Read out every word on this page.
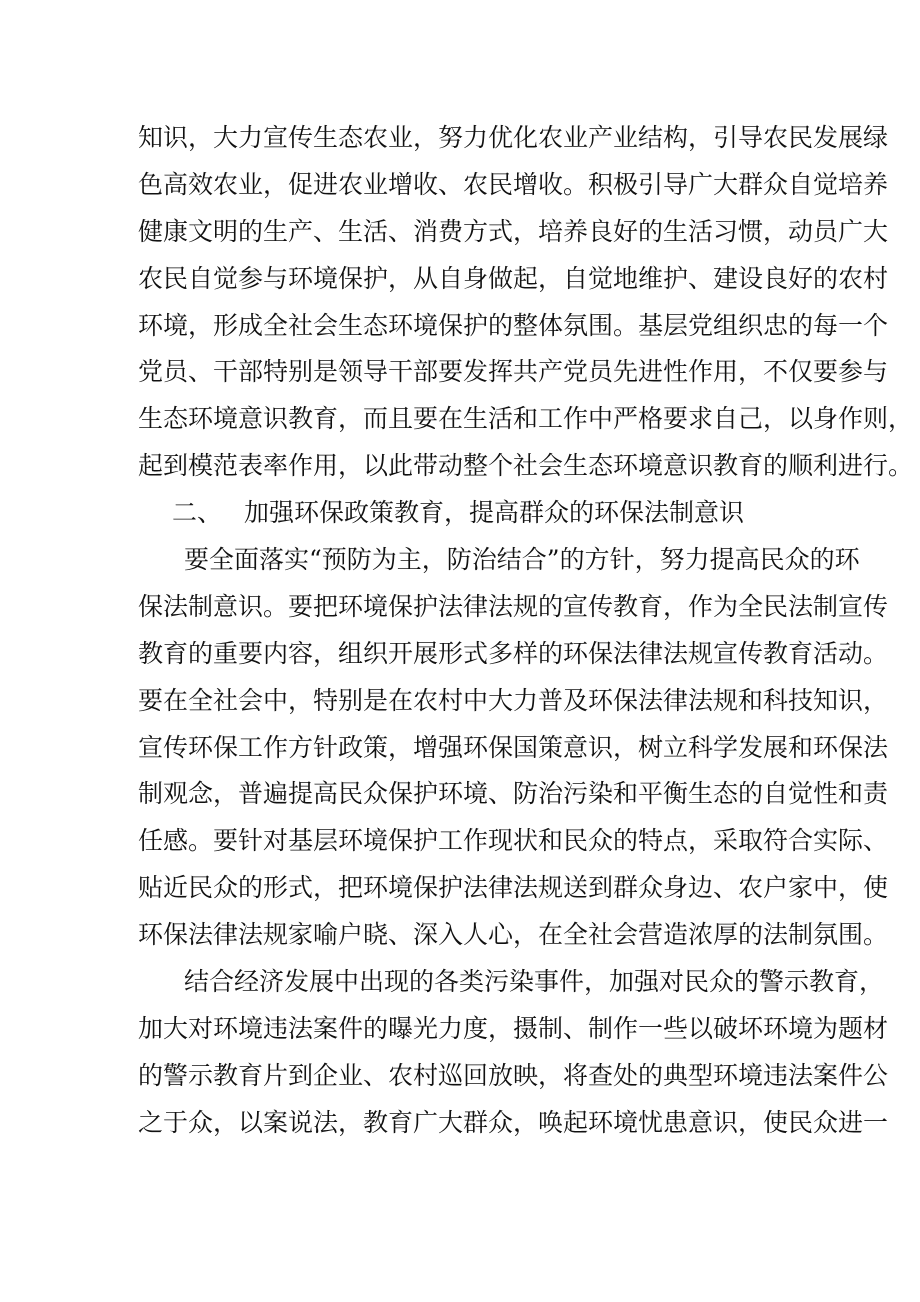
知识，大力宣传生态农业，努力优化农业产业结构，引导农民发展绿
色高效农业，促进农业增收、农民增收。积极引导广大群众自觉培养
健康文明的生产、生活、消费方式，培养良好的生活习惯，动员广大
农民自觉参与环境保护，从自身做起，自觉地维护、建设良好的农村
环境，形成全社会生态环境保护的整体氛围。基层党组织忠的每一个
党员、干部特别是领导干部要发挥共产党员先进性作用，不仅要参与
生态环境意识教育，而且要在生活和工作中严格要求自己，以身作则，
起到模范表率作用，以此带动整个社会生态环境意识教育的顺利进行。
二、 加强环保政策教育，提高群众的环保法制意识
要全面落实“预防为主，防治结合”的方针，努力提高民众的环
保法制意识。要把环境保护法律法规的宣传教育，作为全民法制宣传
教育的重要内容，组织开展形式多样的环保法律法规宣传教育活动。
要在全社会中，特别是在农村中大力普及环保法律法规和科技知识，
宣传环保工作方针政策，增强环保国策意识，树立科学发展和环保法
制观念，普遍提高民众保护环境、防治污染和平衡生态的自觉性和责
任感。要针对基层环境保护工作现状和民众的特点，采取符合实际、
贴近民众的形式，把环境保护法律法规送到群众身边、农户家中，使
环保法律法规家喻户晓、深入人心，在全社会营造浓厚的法制氛围。
结合经济发展中出现的各类污染事件，加强对民众的警示教育，
加大对环境违法案件的曝光力度，摄制、制作一些以破坏环境为题材
的警示教育片到企业、农村巡回放映，将查处的典型环境违法案件公
之于众，以案说法，教育广大群众，唤起环境忧患意识，使民众进一
